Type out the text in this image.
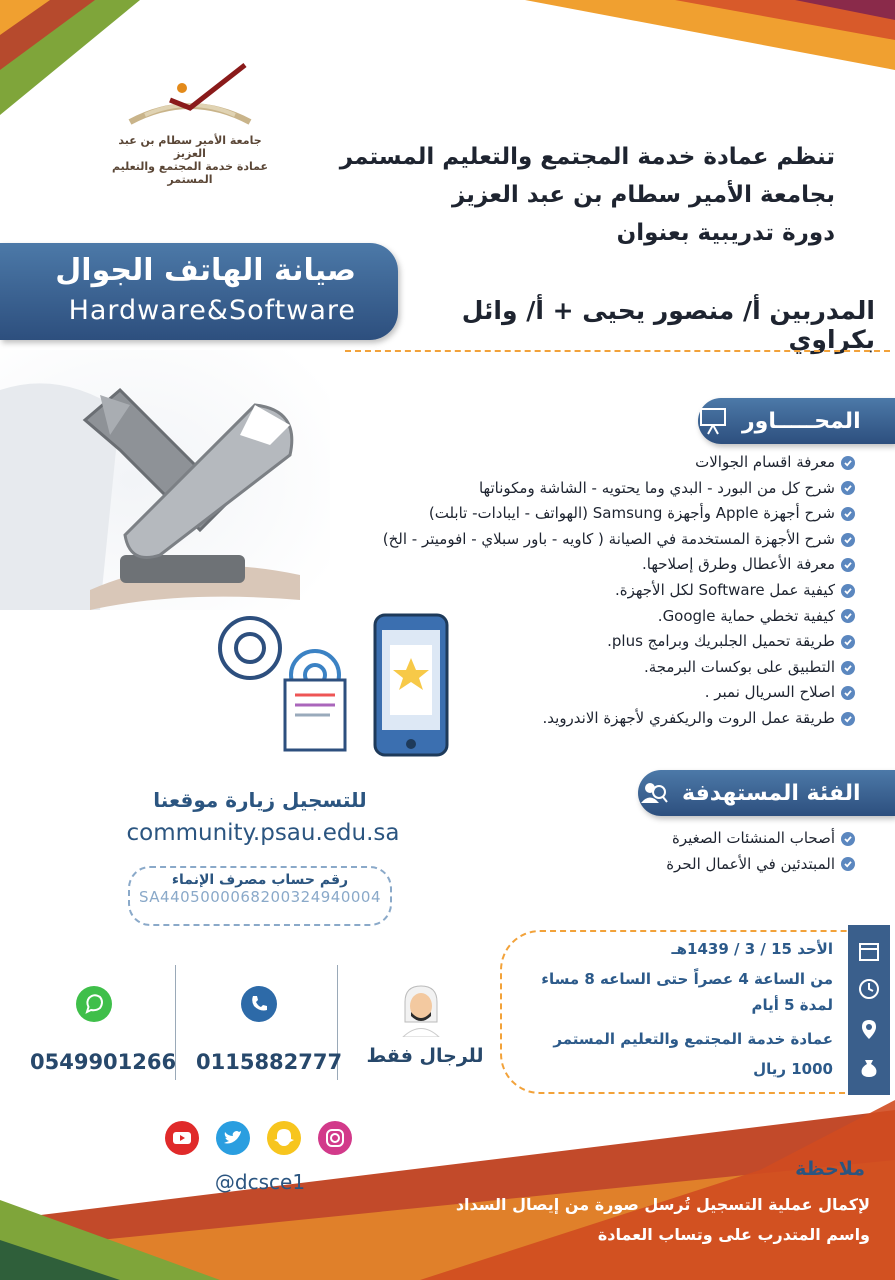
جامعة الأمير سطام بن عبد العزيز
عمادة خدمة المجتمع والتعليم المستمر
تنظم عمادة خدمة المجتمع والتعليم المستمر
بجامعة الأمير سطام بن عبد العزيز
دورة تدريبية بعنوان
صيانة الهاتف الجوال
Hardware&Software	المدربين أ/ منصور يحيى + أ/ وائل بكراوي
المحـــــاور
معرفة اقسام الجوالات
شرح كل من البورد - البدي وما يحتويه - الشاشة ومكوناتها
شرح أجهزة Apple وأجهزة Samsung (الهواتف - ايبادات- تابلت)
شرح الأجهزة المستخدمة في الصيانة ( كاويه - باور سبلاي - افوميتر - الخ)
معرفة الأعطال وطرق إصلاحها.
كيفية عمل Software لكل الأجهزة.
كيفية تخطي حماية Google.
طريقة تحميل الجلبريك وبرامج plus.
التطبيق على بوكسات البرمجة.
اصلاح السريال نمبر .
طريقة عمل الروت والريكفري لأجهزة الاندرويد.
الفئة المستهدفة
أصحاب المنشئات الصغيرة
المبتدئين في الأعمال الحرة
للتسجيل زيارة موقعنا
community.psau.edu.sa
رقم حساب مصرف الإنماء
SA4405000068200324940004
الأحد 15 / 3 / 1439هـ
من الساعة 4 عصراً حتى الساعه 8 مساء
لمدة 5 أيام
عمادة خدمة المجتمع والتعليم المستمر
1000 ريال
0549901266 0115882777	للرجال فقط
@dcsce1
ملاحظة
لإكمال عملية التسجيل تُرسل صورة من إيصال السداد
واسم المتدرب على وتساب العمادة
